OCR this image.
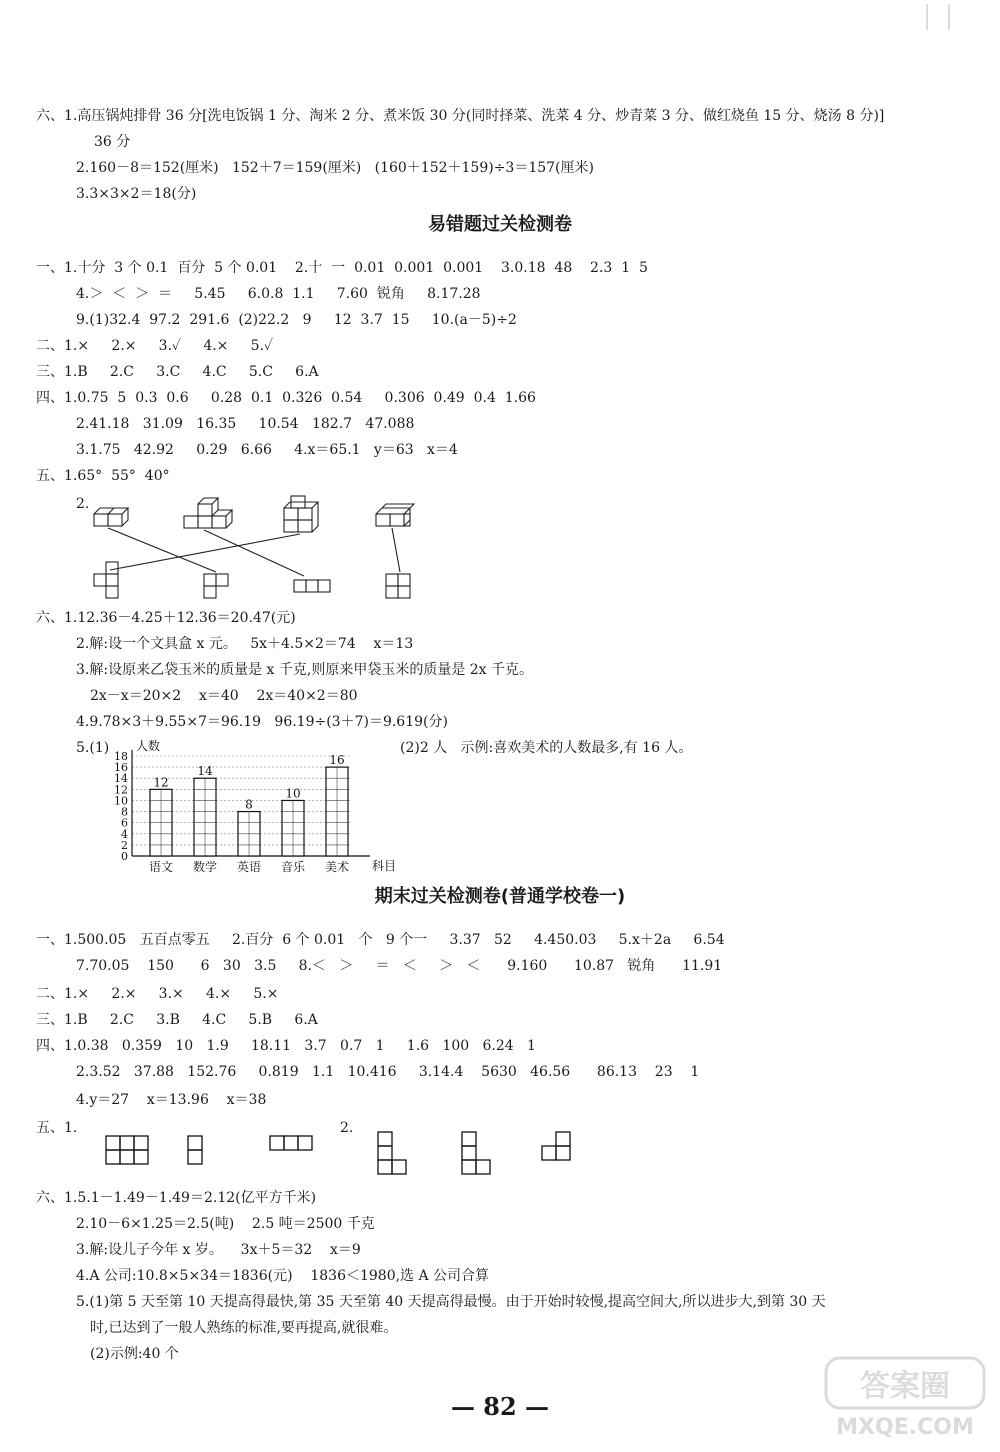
六、1.高压锅炖排骨 36 分[洗电饭锅 1 分、淘米 2 分、煮米饭 30 分(同时择菜、洗菜 4 分、炒青菜 3 分、做红烧鱼 15 分、烧汤 8 分)]
36 分
2.160－8＝152(厘米)   152＋7＝159(厘米)   (160＋152＋159)÷3＝157(厘米)
3.3×3×2＝18(分)
一、1.十分  3 个 0.1  百分  5 个 0.01    2.十  一  0.01  0.001  0.001    3.0.18  48    2.3  1  5
4.＞  ＜  ＞  ＝     5.45     6.0.8  1.1     7.60  锐角     8.17.28
9.(1)32.4  97.2  291.6  (2)22.2   9     12  3.7  15     10.(a－5)÷2
二、1.×     2.×     3.✓     4.×     5.✓
三、1.B     2.C     3.C     4.C     5.C     6.A
四、1.0.75  5  0.3  0.6     0.28  0.1  0.326  0.54     0.306  0.49  0.4  1.66
2.41.18   31.09   16.35     10.54   182.7   47.088
3.1.75   42.92     0.29   6.66     4.x＝65.1   y＝63   x＝4
五、1.65°  55°  40°
2.
六、1.12.36－4.25＋12.36＝20.47(元)
2.解:设一个文具盒 x 元。   5x＋4.5×2＝74    x＝13
3.解:设原来乙袋玉米的质量是 x 千克,则原来甲袋玉米的质量是 2x 千克。
2x－x＝20×2    x＝40    2x＝40×2＝80
4.9.78×3＋9.55×7＝96.19   96.19÷(3＋7)＝9.619(分)
5.(1)	(2)2 人   示例:喜欢美术的人数最多,有 16 人。
一、1.500.05   五百点零五     2.百分  6 个 0.01   个   9 个一     3.37   52     4.450.03     5.x＋2a     6.54
7.70.05    150      6   30   3.5     8.＜   ＞     ＝   ＜     ＞   ＜      9.160      10.87   锐角      11.91
二、1.×     2.×     3.×     4.×     5.×
三、1.B     2.C     3.B     4.C     5.B     6.A
四、1.0.38   0.359   10   1.9     18.11   3.7   0.7   1     1.6   100   6.24   1
2.3.52   37.88   152.76     0.819   1.1   10.416     3.14.4    5630   46.56      86.13    23    1
4.y＝27    x＝13.96    x＝38
五、1.	2.
六、1.5.1－1.49－1.49＝2.12(亿平方千米)
2.10－6×1.25＝2.5(吨)    2.5 吨＝2500 千克
3.解:设儿子今年 x 岁。    3x＋5＝32    x＝9
4.A 公司:10.8×5×34＝1836(元)    1836＜1980,选 A 公司合算
5.(1)第 5 天至第 10 天提高得最快,第 35 天至第 40 天提高得最慢。由于开始时较慢,提高空间大,所以进步大,到第 30 天
时,已达到了一般人熟练的标准,要再提高,就很难。
(2)示例:40 个
易错题过关检测卷
期末过关检测卷(普通学校卷一)
0
2
4
6
8
10
12
14
16
18
人数
科目
12
语文
14
数学
8
英语
10
音乐
16
美术
— 82 —
答案圈
MXQE.COM
